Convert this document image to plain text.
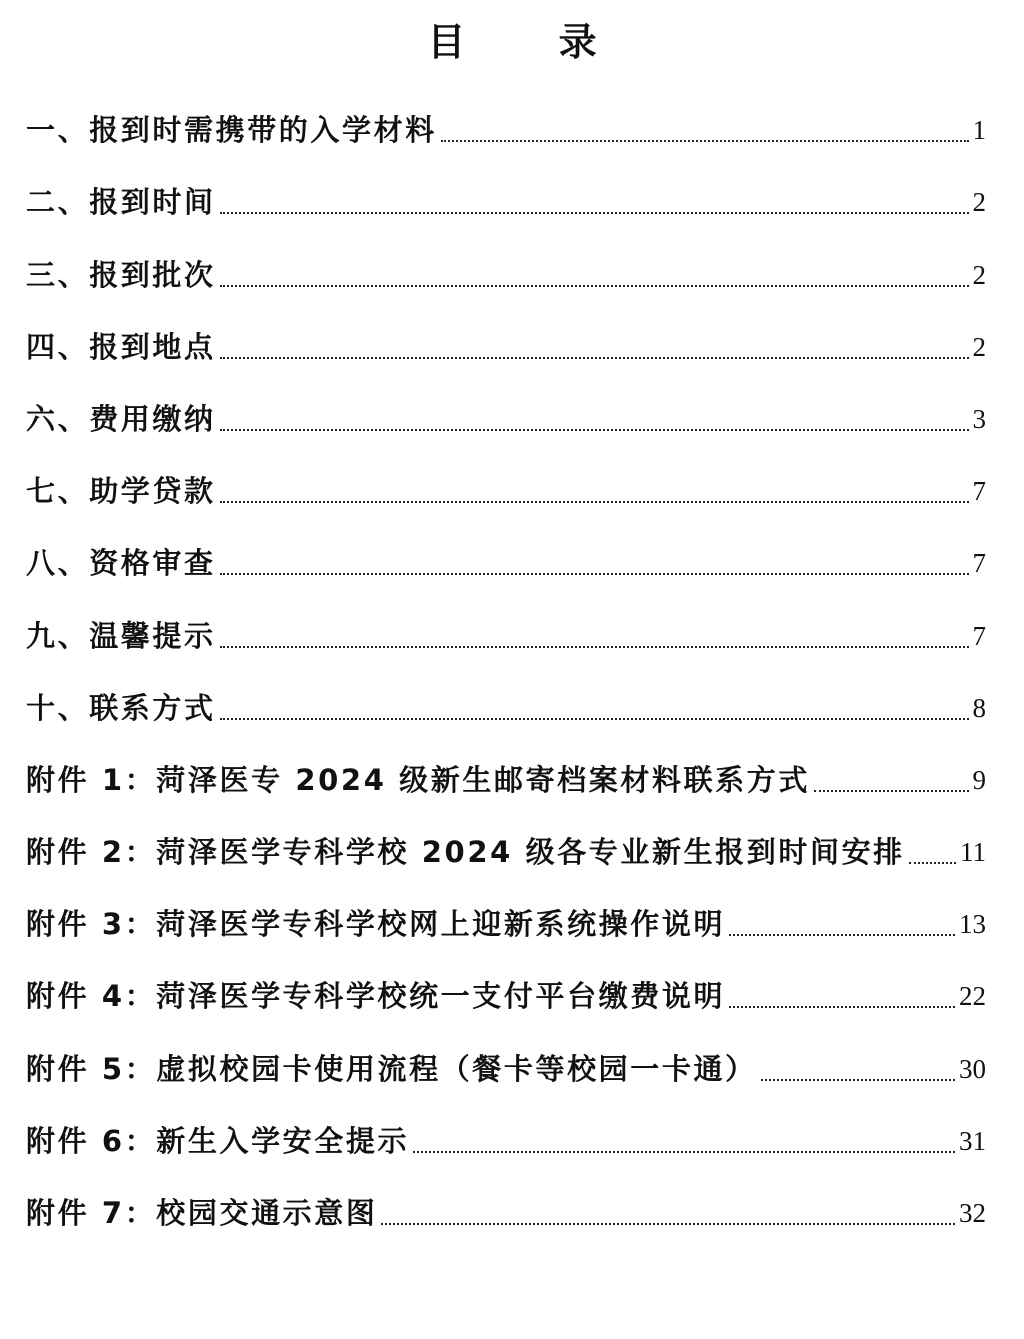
目 录
一、报到时需携带的入学材料	1
二、报到时间	2
三、报到批次	2
四、报到地点	2
六、费用缴纳	3
七、助学贷款	7
八、资格审查	7
九、温馨提示	7
十、联系方式	8
附件 1：菏泽医专 2024 级新生邮寄档案材料联系方式	9
附件 2：菏泽医学专科学校 2024 级各专业新生报到时间安排 11
附件 3：菏泽医学专科学校网上迎新系统操作说明	13
附件 4：菏泽医学专科学校统一支付平台缴费说明	22
附件 5：虚拟校园卡使用流程（餐卡等校园一卡通）	30
附件 6：新生入学安全提示	31
附件 7：校园交通示意图	32
